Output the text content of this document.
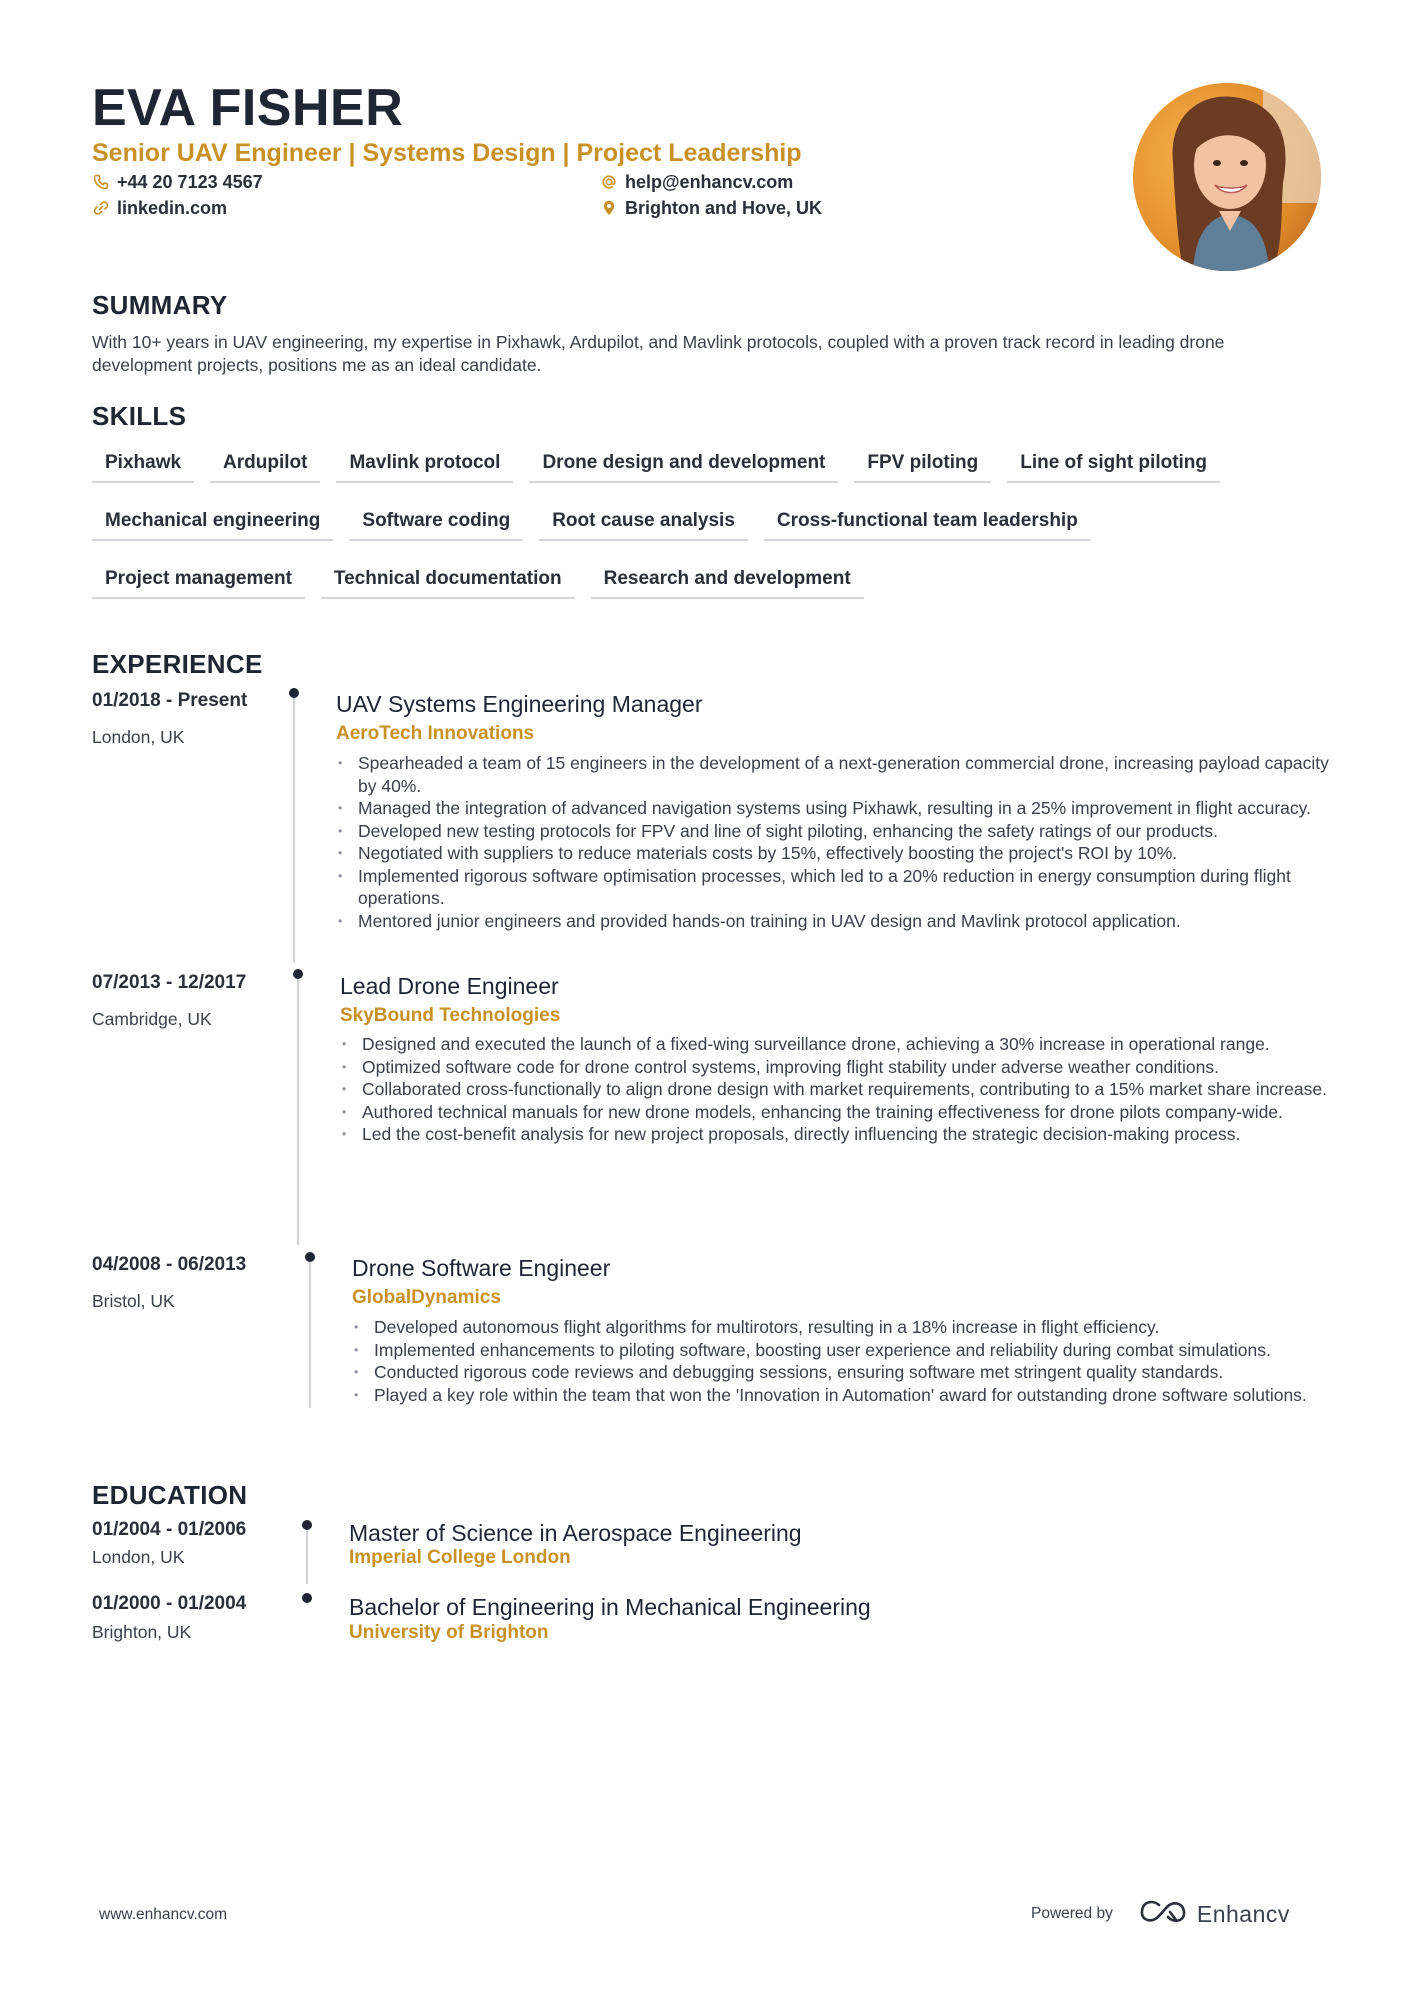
EVA FISHER
Senior UAV Engineer | Systems Design | Project Leadership
+44 20 7123 4567
linkedin.com
help@enhancv.com
Brighton and Hove, UK
SUMMARY
With 10+ years in UAV engineering, my expertise in Pixhawk, Ardupilot, and Mavlink protocols, coupled with a proven track record in leading drone development projects, positions me as an ideal candidate.
SKILLS
Pixhawk	Ardupilot	Mavlink protocol	Drone design and development	FPV piloting	Line of sight piloting
Mechanical engineering	Software coding	Root cause analysis	Cross-functional team leadership
Project management	Technical documentation	Research and development
EXPERIENCE
01/2018 - Present
London, UK
UAV Systems Engineering Manager
AeroTech Innovations
• Spearheaded a team of 15 engineers in the development of a next-generation commercial drone, increasing payload capacity by 40%.
• Managed the integration of advanced navigation systems using Pixhawk, resulting in a 25% improvement in flight accuracy.
• Developed new testing protocols for FPV and line of sight piloting, enhancing the safety ratings of our products.
• Negotiated with suppliers to reduce materials costs by 15%, effectively boosting the project's ROI by 10%.
• Implemented rigorous software optimisation processes, which led to a 20% reduction in energy consumption during flight operations.
• Mentored junior engineers and provided hands-on training in UAV design and Mavlink protocol application.
07/2013 - 12/2017
Cambridge, UK
Lead Drone Engineer
SkyBound Technologies
• Designed and executed the launch of a fixed-wing surveillance drone, achieving a 30% increase in operational range.
• Optimized software code for drone control systems, improving flight stability under adverse weather conditions.
• Collaborated cross-functionally to align drone design with market requirements, contributing to a 15% market share increase.
• Authored technical manuals for new drone models, enhancing the training effectiveness for drone pilots company-wide.
• Led the cost-benefit analysis for new project proposals, directly influencing the strategic decision-making process.
04/2008 - 06/2013
Bristol, UK
Drone Software Engineer
GlobalDynamics
• Developed autonomous flight algorithms for multirotors, resulting in a 18% increase in flight efficiency.
• Implemented enhancements to piloting software, boosting user experience and reliability during combat simulations.
• Conducted rigorous code reviews and debugging sessions, ensuring software met stringent quality standards.
• Played a key role within the team that won the 'Innovation in Automation' award for outstanding drone software solutions.
EDUCATION
01/2004 - 01/2006
London, UK
Master of Science in Aerospace Engineering
Imperial College London
01/2000 - 01/2004
Brighton, UK
Bachelor of Engineering in Mechanical Engineering
University of Brighton
www.enhancv.com	Powered by	Enhancv
